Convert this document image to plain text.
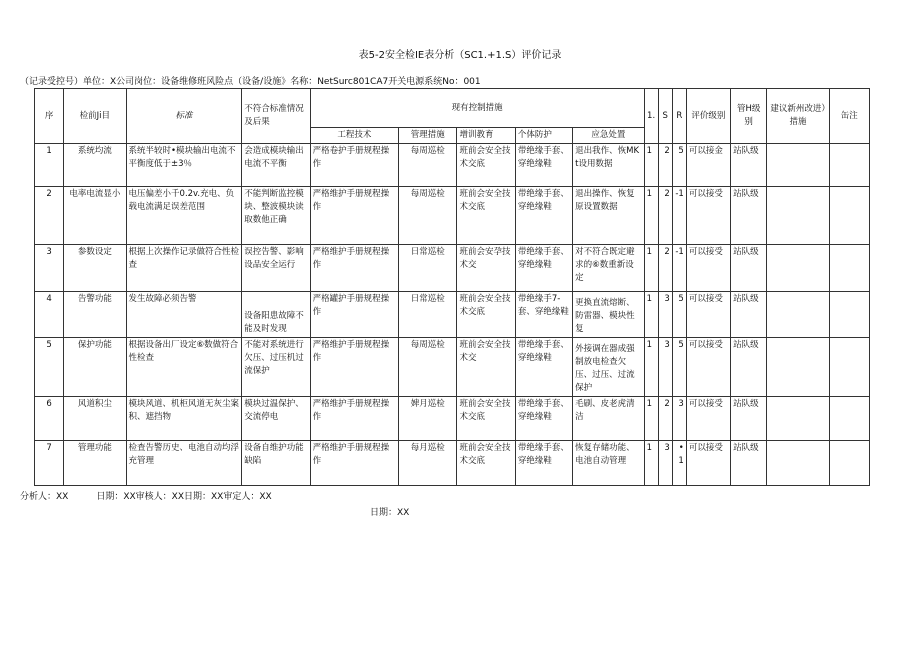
表5-2安全检IE表分析（SC1.+1.S）评价记录
（记录受控号）单位：X公司岗位：设备维修班风险点（设备/设施》名称：NetSurc801CA7开关电源系统No：001
序	检前Ji目	标准	不符合标准情况及后果	现有控制措施					1.	S	R	评价级别	管H级别	建议新州改进）措施	缶注
				工程技术	管理措施	增训教育	个体防护	应急处置							
1	系统均流	系统半较时•模块输出电流不平衡度低于±3％	会造成模块输出电流不平衡	严格卷护手册规程操作	每周巡检	班前会安全技术交底	带绝缘手套、穿绝缘鞋	退出我作、恢MKt设用数据	1	2	5	可以接金	站队级		
2	电率电流显小	电压偏差小千0.2v.充电、负载电流满足误差范围	不能判断监控模块、整波模块读取数他正确	严格维护手册规程操作	每周巡检	班前会安全技术交底	带绝缘手套、穿绝缘鞋	退出操作、恢复原设置数据	1	2	-1	可以接受	站队级		
3	参数设定	根据上次操作记录做符合性检查	误控告警、影响设品安全运行	严格维护手册规程操作	日常巡检	班前会安孕技术交	带绝缘手套、穿绝缘鞋	对不符合既定避求的⑥数重新设定	1	2	-1	可以接受	站队级		
4	告警功能	发生故障必须告警	设备阳患故障不能及时发现	严格罐护手册规程操作	日常巡检	班前会安全技术交底	带绝缘手7-套、穿绝缘鞋	更换直流熔断、防雷器、模块性复	1	3	5	可以接受	站队级		
5	保护功能	根据设备出厂设定⑥数做符合性检查	不能对系统进行欠压、过压机过流保护	严格维护手册规程操作	每周巡检	班前会安全技术交	带绝缘手套、穿绝缘鞋	外接调在器成强制放电检查欠压、过压、过流保护	1	3	5	可以接受	站队级		
6	风道积尘	模块风道、机柜风道无灰尘案积、遮挡物	模块过温保护、交流停电	严格维护手册规程操作	婢月巡检	班前会安全技术交底	带绝缘手套、穿绝缘鞋	毛刷、皮老虎清洁	1	2	3	可以接受	站队级		
7	管理功能	检査告警历史、电池自动均浮充管理	设备自维护功能缺陷	严格维护手册规程操作	每月巡检	班前会安全技术交底	带绝缘手套、穿绝缘鞋	恢复存储功能、电池自动管理	1	3	•1	可以接受	站队级		
分析人：XX	日期：XX审核人：XX日期：XX审定人：XX
日期：XX
